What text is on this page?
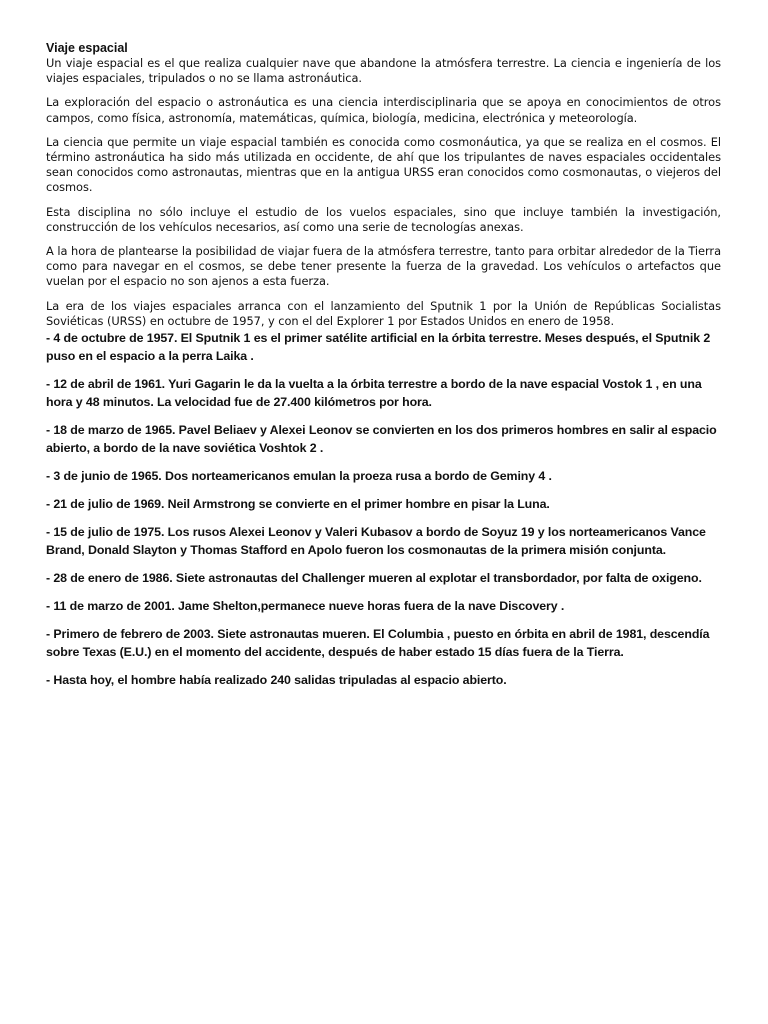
Viaje espacial

Un viaje espacial es el que realiza cualquier nave que abandone la atmósfera terrestre. La ciencia e ingeniería de los viajes espaciales, tripulados o no se llama astronáutica.

La exploración del espacio o astronáutica es una ciencia interdisciplinaria que se apoya en conocimientos de otros campos, como física, astronomía, matemáticas, química, biología, medicina, electrónica y meteorología.

La ciencia que permite un viaje espacial también es conocida como cosmonáutica, ya que se realiza en el cosmos. El término astronáutica ha sido más utilizada en occidente, de ahí que los tripulantes de naves espaciales occidentales sean conocidos como astronautas, mientras que en la antigua URSS eran conocidos como cosmonautas, o viejeros del cosmos.

Esta disciplina no sólo incluye el estudio de los vuelos espaciales, sino que incluye también la investigación, construcción de los vehículos necesarios, así como una serie de tecnologías anexas.

A la hora de plantearse la posibilidad de viajar fuera de la atmósfera terrestre, tanto para orbitar alrededor de la Tierra como para navegar en el cosmos, se debe tener presente la fuerza de la gravedad. Los vehículos o artefactos que vuelan por el espacio no son ajenos a esta fuerza.

La era de los viajes espaciales arranca con el lanzamiento del Sputnik 1 por la Unión de Repúblicas Socialistas Soviéticas (URSS) en octubre de 1957, y con el del Explorer 1 por Estados Unidos en enero de 1958.

- 4 de octubre de 1957. El Sputnik 1 es el primer satélite artificial en la órbita terrestre. Meses después, el Sputnik 2 puso en el espacio a la perra Laika .

- 12 de abril de 1961. Yuri Gagarin le da la vuelta a la órbita terrestre a bordo de la nave espacial Vostok 1 , en una hora y 48 minutos. La velocidad fue de 27.400 kilómetros por hora.

- 18 de marzo de 1965. Pavel Beliaev y Alexei Leonov se convierten en los dos primeros hombres en salir al espacio abierto, a bordo de la nave soviética Voshtok 2 .

- 3 de junio de 1965. Dos norteamericanos emulan la proeza rusa a bordo de Geminy 4 .

- 21 de julio de 1969. Neil Armstrong se convierte en el primer hombre en pisar la Luna.

- 15 de julio de 1975. Los rusos Alexei Leonov y Valeri Kubasov a bordo de Soyuz 19 y los norteamericanos Vance Brand, Donald Slayton y Thomas Stafford en Apolo fueron los cosmonautas de la primera misión conjunta.

- 28 de enero de 1986. Siete astronautas del Challenger mueren al explotar el transbordador, por falta de oxigeno.

- 11 de marzo de 2001. Jame Shelton,permanece nueve horas fuera de la nave Discovery .

- Primero de febrero de 2003. Siete astronautas mueren. El Columbia , puesto en órbita en abril de 1981, descendía sobre Texas (E.U.) en el momento del accidente, después de haber estado 15 días fuera de la Tierra.

- Hasta hoy, el hombre había realizado 240 salidas tripuladas al espacio abierto.
